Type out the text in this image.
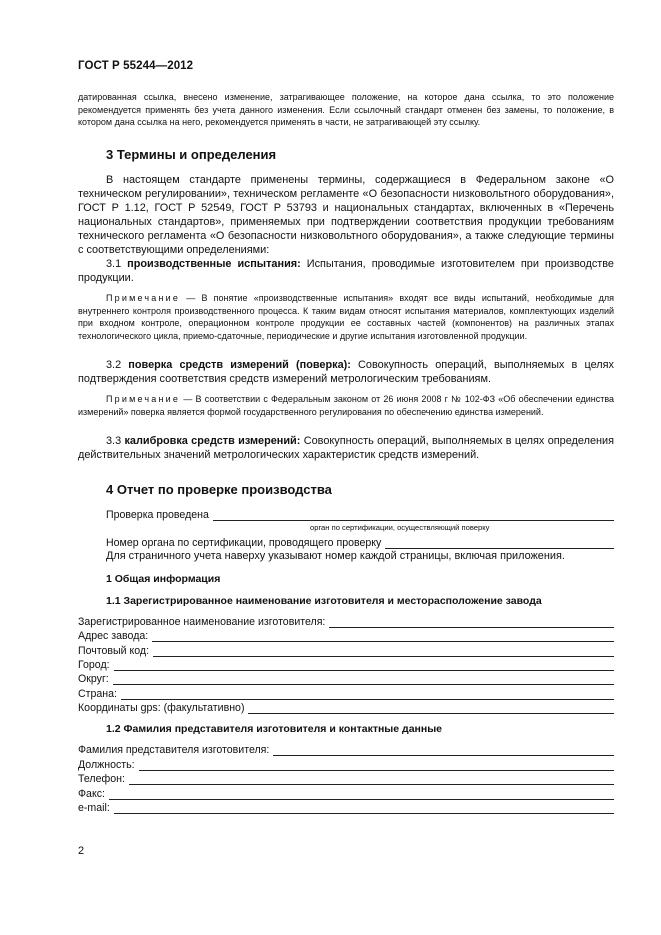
ГОСТ Р 55244—2012

датированная ссылка, внесено изменение, затрагивающее положение, на которое дана ссылка, то это положение рекомендуется применять без учета данного изменения. Если ссылочный стандарт отменен без замены, то положение, в котором дана ссылка на него, рекомендуется применять в части, не затрагивающей эту ссылку.

3 Термины и определения

В настоящем стандарте применены термины, содержащиеся в Федеральном законе «О техническом регулировании», техническом регламенте «О безопасности низковольтного оборудования», ГОСТ Р 1.12, ГОСТ Р 52549, ГОСТ Р 53793 и национальных стандартах, включенных в «Перечень национальных стандартов», применяемых при подтверждении соответствия продукции требованиям технического регламента «О безопасности низковольтного оборудования», а также следующие термины с соответствующими определениями:

3.1 производственные испытания: Испытания, проводимые изготовителем при производстве продукции.

Примечание — В понятие «производственные испытания» входят все виды испытаний, необходимые для внутреннего контроля производственного процесса. К таким видам относят испытания материалов, комплектующих изделий при входном контроле, операционном контроле продукции ее составных частей (компонентов) на различных этапах технологического цикла, приемо-сдаточные, периодические и другие испытания изготовленной продукции.

3.2 поверка средств измерений (поверка): Совокупность операций, выполняемых в целях подтверждения соответствия средств измерений метрологическим требованиям.

Примечание — В соответствии с Федеральным законом от 26 июня 2008 г № 102-ФЗ «Об обеспечении единства измерений» поверка является формой государственного регулирования по обеспечению единства измерений.

3.3 калибровка средств измерений: Совокупность операций, выполняемых в целях определения действительных значений метрологических характеристик средств измерений.

4 Отчет по проверке производства
Проверка проведена
орган по сертификации, осуществляющий поверку
Номер органа по сертификации, проводящего проверку

Для страничного учета наверху указывают номер каждой страницы, включая приложения.

1 Общая информация
1.1 Зарегистрированное наименование изготовителя и месторасположение завода
Зарегистрированное наименование изготовителя:
Адрес завода:
Почтовый код:
Город:
Округ:
Страна:
Координаты gps: (факультативно)
1.2 Фамилия представителя изготовителя и контактные данные
Фамилия представителя изготовителя:
Должность:
Телефон:
Факс:
e-mail:
2
